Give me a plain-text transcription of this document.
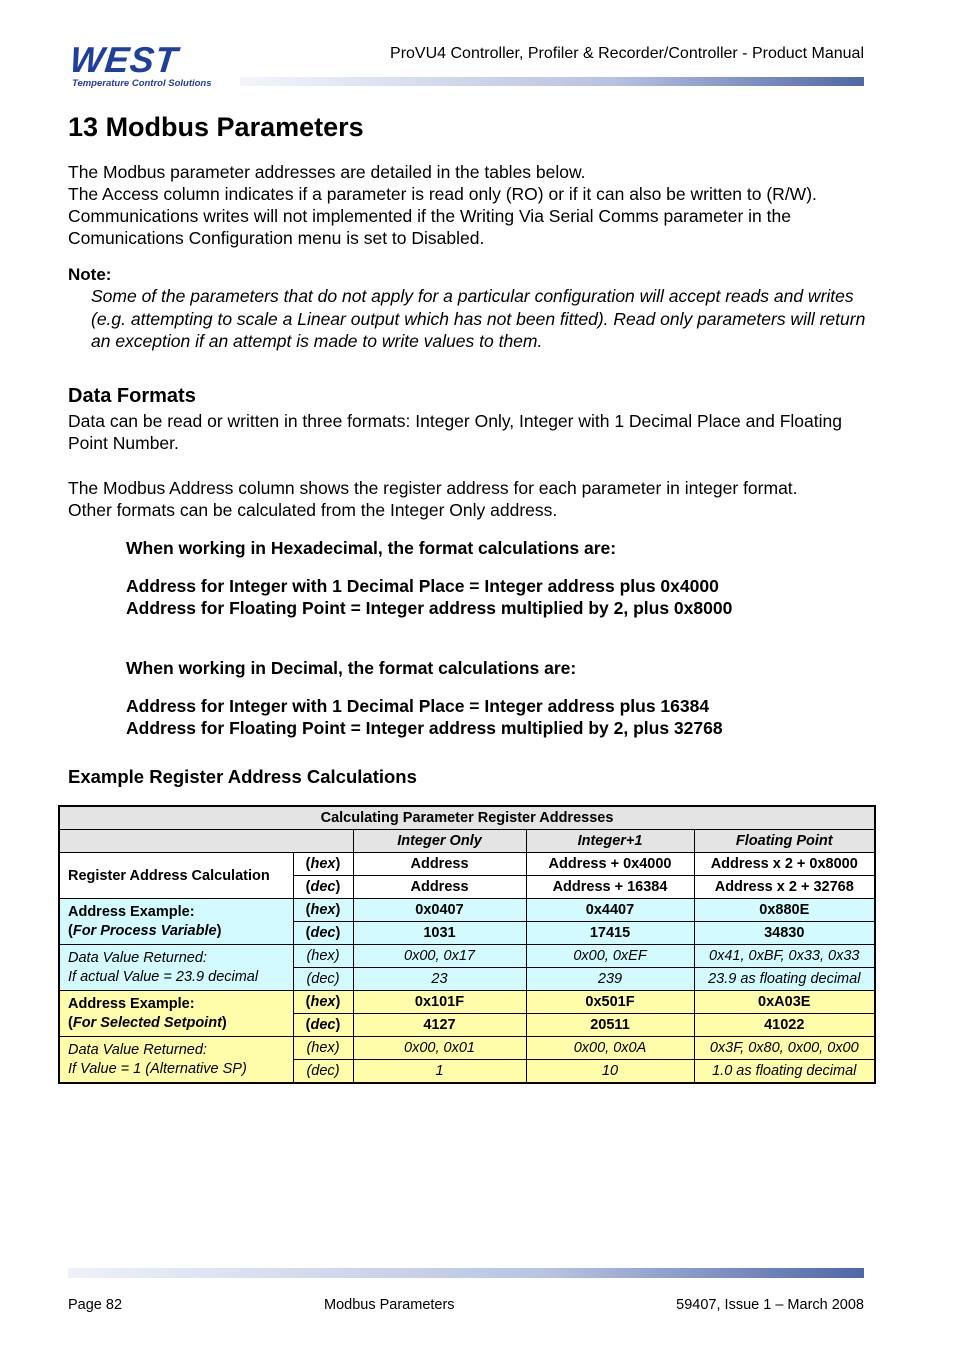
WEST
Temperature Control Solutions
ProVU4 Controller, Profiler & Recorder/Controller - Product Manual
13 Modbus Parameters
The Modbus parameter addresses are detailed in the tables below.
The Access column indicates if a parameter is read only (RO) or if it can also be written to (R/W). Communications writes will not implemented if the Writing Via Serial Comms parameter in the Comunications Configuration menu is set to Disabled.
Note:
Some of the parameters that do not apply for a particular configuration will accept reads and writes (e.g. attempting to scale a Linear output which has not been fitted). Read only parameters will return an exception if an attempt is made to write values to them.
Data Formats
Data can be read or written in three formats: Integer Only, Integer with 1 Decimal Place and Floating Point Number.
The Modbus Address column shows the register address for each parameter in integer format. Other formats can be calculated from the Integer Only address.
When working in Hexadecimal, the format calculations are:
Address for Integer with 1 Decimal Place = Integer address plus 0x4000
Address for Floating Point = Integer address multiplied by 2, plus 0x8000
When working in Decimal, the format calculations are:
Address for Integer with 1 Decimal Place = Integer address plus 16384
Address for Floating Point = Integer address multiplied by 2, plus 32768
Example Register Address Calculations
Calculating Parameter Register Addresses				
		Integer Only	Integer+1	Floating Point
Register Address Calculation	(hex)	Address	Address + 0x4000	Address x 2 + 0x8000
	(dec)	Address	Address + 16384	Address x 2 + 32768
Address Example:
(For Process Variable)	(hex)	0x0407	0x4407	0x880E
	(dec)	1031	17415	34830
Data Value Returned:
If actual Value = 23.9 decimal	(hex)	0x00, 0x17	0x00, 0xEF	0x41, 0xBF, 0x33, 0x33
	(dec)	23	239	23.9 as floating decimal
Address Example:
(For Selected Setpoint)	(hex)	0x101F	0x501F	0xA03E
	(dec)	4127	20511	41022
Data Value Returned:
If Value = 1 (Alternative SP)	(hex)	0x00, 0x01	0x00, 0x0A	0x3F, 0x80, 0x00, 0x00
	(dec)	1	10	1.0 as floating decimal
Page 82	Modbus Parameters	59407, Issue 1 – March 2008
